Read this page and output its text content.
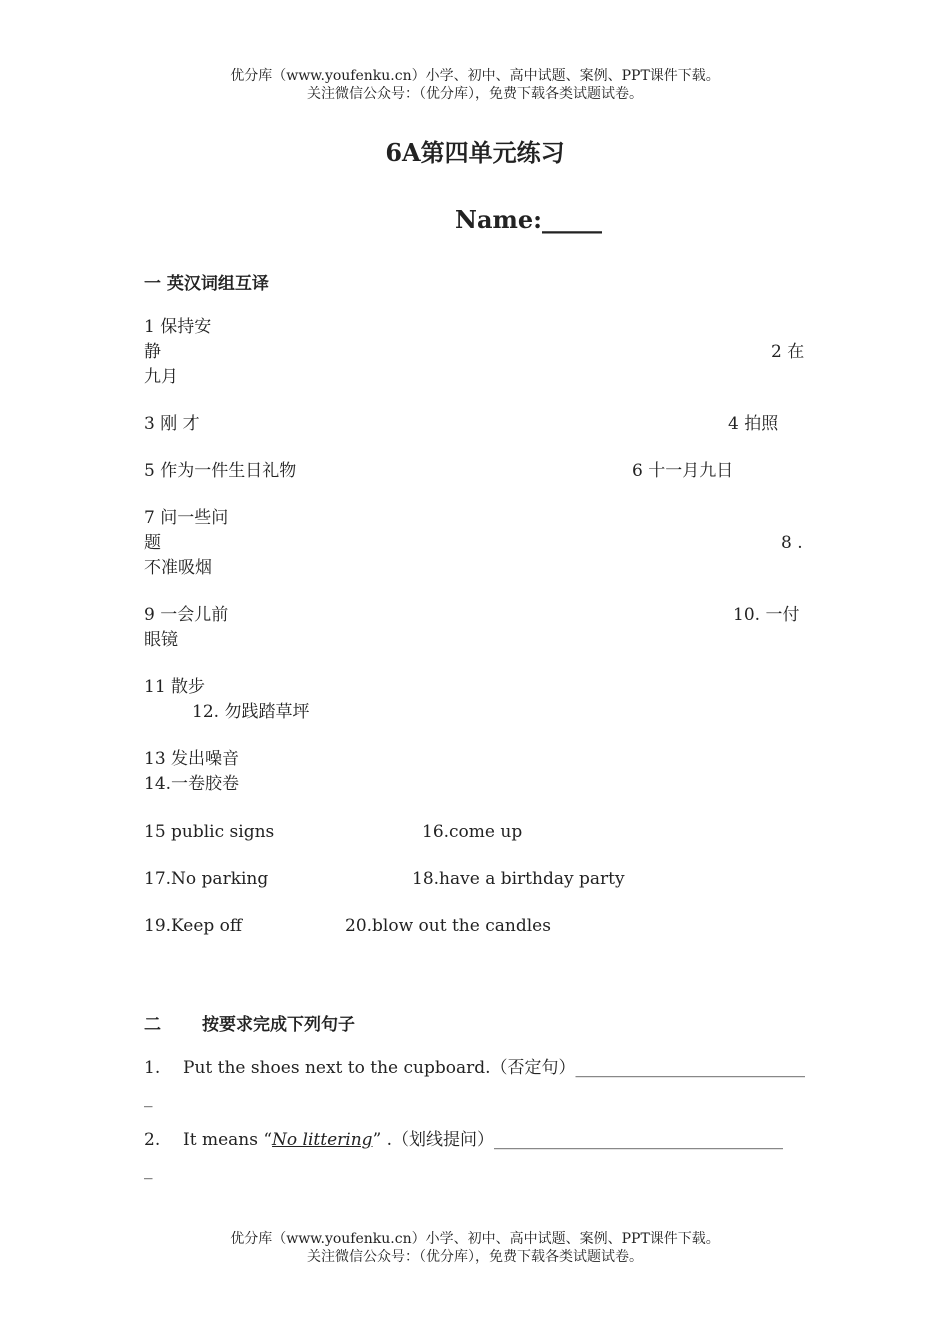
优分库（www.youfenku.cn）小学、初中、高中试题、案例、PPT课件下载。
关注微信公众号：（优分库），免费下载各类试题试卷。
6A第四单元练习
Name:_____
一 英汉词组互译
1 保持安
静	2 在
九月
3 刚 才	4 拍照
5 作为一件生日礼物	6 十一月九日
7 问一些问
题	8 .
不准吸烟
9 一会儿前	10. 一付
眼镜
11 散步
12. 勿践踏草坪
13 发出噪音
14.一卷胶卷
15 public signs	16.come up
17.No parking	18.have a birthday party
19.Keep off	20.blow out the candles
二 按要求完成下列句子
1. Put the shoes next to the cupboard.（否定句）___________________________
_
2. It means “No littering” .（划线提问）__________________________________
_
优分库（www.youfenku.cn）小学、初中、高中试题、案例、PPT课件下载。
关注微信公众号：（优分库），免费下载各类试题试卷。
